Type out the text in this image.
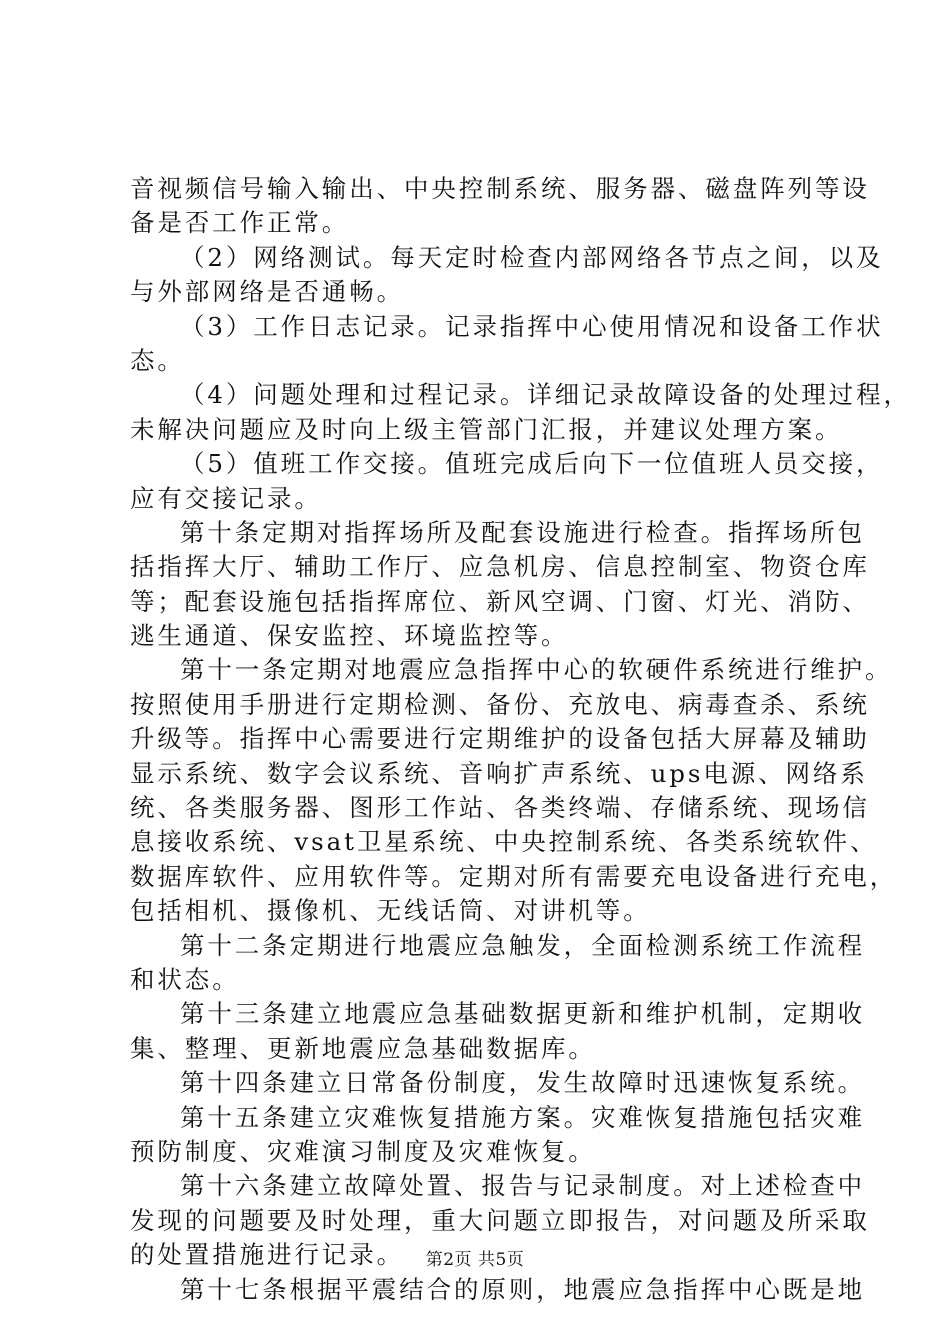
音视频信号输入输出、中央控制系统、服务器、磁盘阵列等设
备是否工作正常。
（2）网络测试。每天定时检查内部网络各节点之间，以及
与外部网络是否通畅。
（3）工作日志记录。记录指挥中心使用情况和设备工作状
态。
（4）问题处理和过程记录。详细记录故障设备的处理过程，
未解决问题应及时向上级主管部门汇报，并建议处理方案。
（5）值班工作交接。值班完成后向下一位值班人员交接，
应有交接记录。
第十条定期对指挥场所及配套设施进行检查。指挥场所包
括指挥大厅、辅助工作厅、应急机房、信息控制室、物资仓库
等；配套设施包括指挥席位、新风空调、门窗、灯光、消防、
逃生通道、保安监控、环境监控等。
第十一条定期对地震应急指挥中心的软硬件系统进行维护。
按照使用手册进行定期检测、备份、充放电、病毒查杀、系统
升级等。指挥中心需要进行定期维护的设备包括大屏幕及辅助
显示系统、数字会议系统、音响扩声系统、ups电源、网络系
统、各类服务器、图形工作站、各类终端、存储系统、现场信
息接收系统、vsat卫星系统、中央控制系统、各类系统软件、
数据库软件、应用软件等。定期对所有需要充电设备进行充电，
包括相机、摄像机、无线话筒、对讲机等。
第十二条定期进行地震应急触发，全面检测系统工作流程
和状态。
第十三条建立地震应急基础数据更新和维护机制，定期收
集、整理、更新地震应急基础数据库。
第十四条建立日常备份制度，发生故障时迅速恢复系统。
第十五条建立灾难恢复措施方案。灾难恢复措施包括灾难
预防制度、灾难演习制度及灾难恢复。
第十六条建立故障处置、报告与记录制度。对上述检查中
发现的问题要及时处理，重大问题立即报告，对问题及所采取
的处置措施进行记录。
第十七条根据平震结合的原则，地震应急指挥中心既是地
第2页 共5页
